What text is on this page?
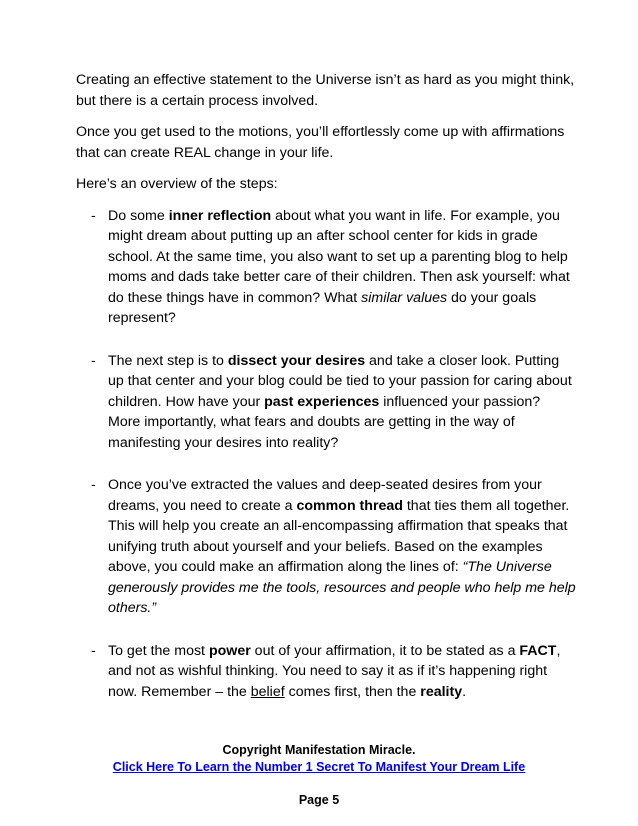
Creating an effective statement to the Universe isn’t as hard as you might think, but there is a certain process involved.

Once you get used to the motions, you’ll effortlessly come up with affirmations that can create REAL change in your life.

Here’s an overview of the steps:

- Do some inner reflection about what you want in life. For example, you might dream about putting up an after school center for kids in grade school. At the same time, you also want to set up a parenting blog to help moms and dads take better care of their children. Then ask yourself: what do these things have in common? What similar values do your goals represent?
- The next step is to dissect your desires and take a closer look. Putting up that center and your blog could be tied to your passion for caring about children. How have your past experiences influenced your passion? More importantly, what fears and doubts are getting in the way of manifesting your desires into reality?
- Once you’ve extracted the values and deep-seated desires from your dreams, you need to create a common thread that ties them all together. This will help you create an all-encompassing affirmation that speaks that unifying truth about yourself and your beliefs. Based on the examples above, you could make an affirmation along the lines of: “The Universe generously provides me the tools, resources and people who help me help others.”
- To get the most power out of your affirmation, it to be stated as a FACT, and not as wishful thinking. You need to say it as if it’s happening right now. Remember – the belief comes first, then the reality.
Copyright Manifestation Miracle.
Click Here To Learn the Number 1 Secret To Manifest Your Dream Life
Page 5
